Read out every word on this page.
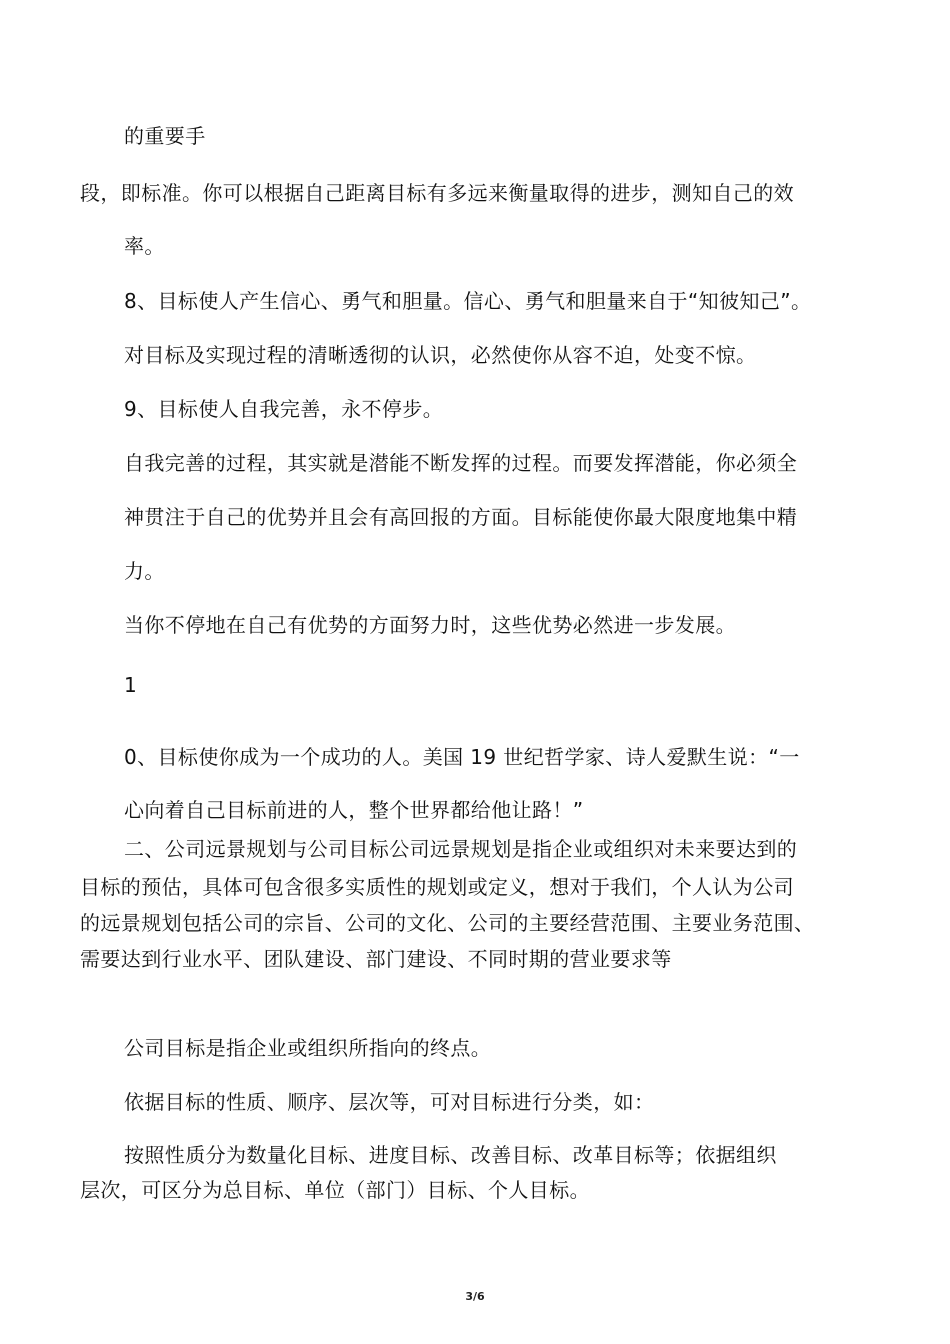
的重要手
段，即标准。你可以根据自己距离目标有多远来衡量取得的进步，测知自己的效
率。
8、目标使人产生信心、勇气和胆量。信心、勇气和胆量来自于“知彼知己”。
对目标及实现过程的清晰透彻的认识，必然使你从容不迫，处变不惊。
9、目标使人自我完善，永不停步。
自我完善的过程，其实就是潜能不断发挥的过程。而要发挥潜能，你必须全
神贯注于自己的优势并且会有高回报的方面。目标能使你最大限度地集中精
力。
当你不停地在自己有优势的方面努力时，这些优势必然进一步发展。
1
0、目标使你成为一个成功的人。美国 19 世纪哲学家、诗人爱默生说：“一
心向着自己目标前进的人，整个世界都给他让路！”
二、公司远景规划与公司目标公司远景规划是指企业或组织对未来要达到的
目标的预估，具体可包含很多实质性的规划或定义，想对于我们，个人认为公司
的远景规划包括公司的宗旨、公司的文化、公司的主要经营范围、主要业务范围、
需要达到行业水平、团队建设、部门建设、不同时期的营业要求等
公司目标是指企业或组织所指向的终点。
依据目标的性质、顺序、层次等，可对目标进行分类，如：
按照性质分为数量化目标、进度目标、改善目标、改革目标等；依据组织
层次，可区分为总目标、单位（部门）目标、个人目标。
3/6
